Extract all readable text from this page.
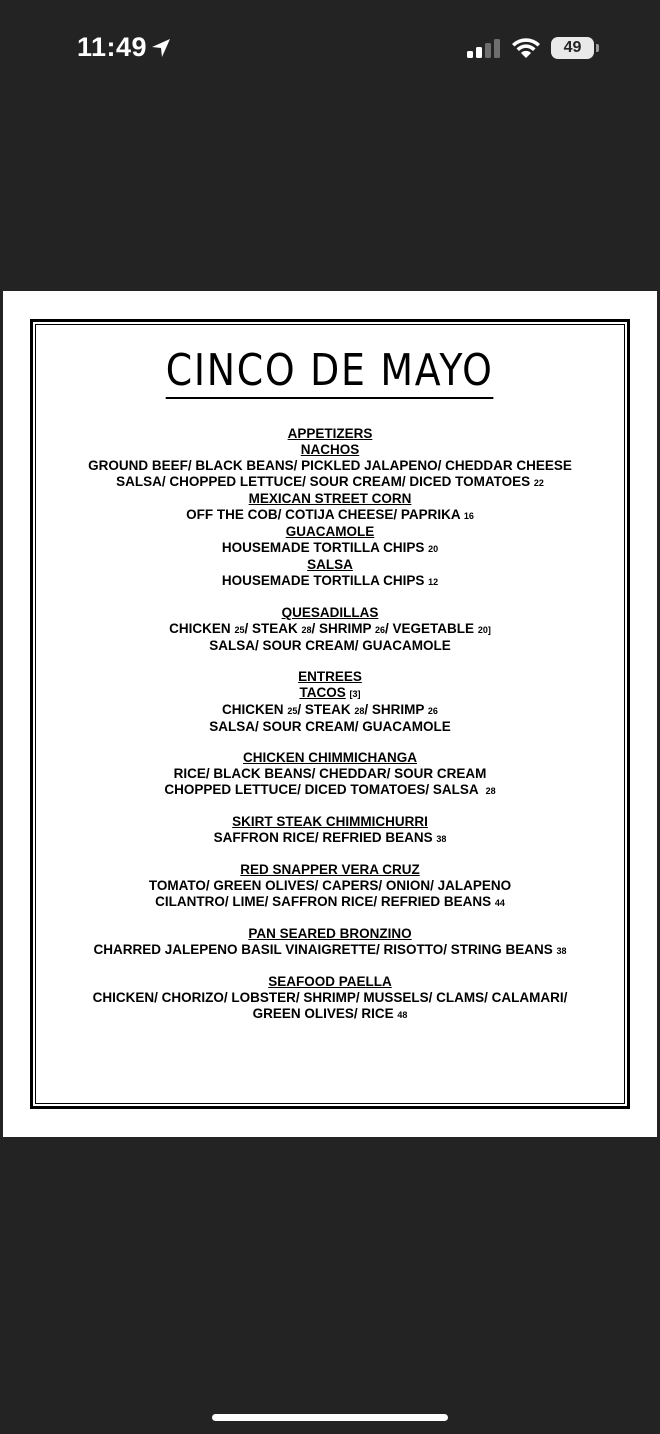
11:49	49
CINCO DE MAYO
APPETIZERS
NACHOS
GROUND BEEF/ BLACK BEANS/ PICKLED JALAPENO/ CHEDDAR CHEESE
SALSA/ CHOPPED LETTUCE/ SOUR CREAM/ DICED TOMATOES 22
MEXICAN STREET CORN
OFF THE COB/ COTIJA CHEESE/ PAPRIKA 16
GUACAMOLE
HOUSEMADE TORTILLA CHIPS 20
SALSA
HOUSEMADE TORTILLA CHIPS 12
QUESADILLAS
CHICKEN 25/ STEAK 28/ SHRIMP 26/ VEGETABLE 20]
SALSA/ SOUR CREAM/ GUACAMOLE
ENTREES
TACOS [3]
CHICKEN 25/ STEAK 28/ SHRIMP 26
SALSA/ SOUR CREAM/ GUACAMOLE
CHICKEN CHIMMICHANGA
RICE/ BLACK BEANS/ CHEDDAR/ SOUR CREAM
CHOPPED LETTUCE/ DICED TOMATOES/ SALSA 28
SKIRT STEAK CHIMMICHURRI
SAFFRON RICE/ REFRIED BEANS 38
RED SNAPPER VERA CRUZ
TOMATO/ GREEN OLIVES/ CAPERS/ ONION/ JALAPENO
CILANTRO/ LIME/ SAFFRON RICE/ REFRIED BEANS 44
PAN SEARED BRONZINO
CHARRED JALEPENO BASIL VINAIGRETTE/ RISOTTO/ STRING BEANS 38
SEAFOOD PAELLA
CHICKEN/ CHORIZO/ LOBSTER/ SHRIMP/ MUSSELS/ CLAMS/ CALAMARI/
GREEN OLIVES/ RICE 48
